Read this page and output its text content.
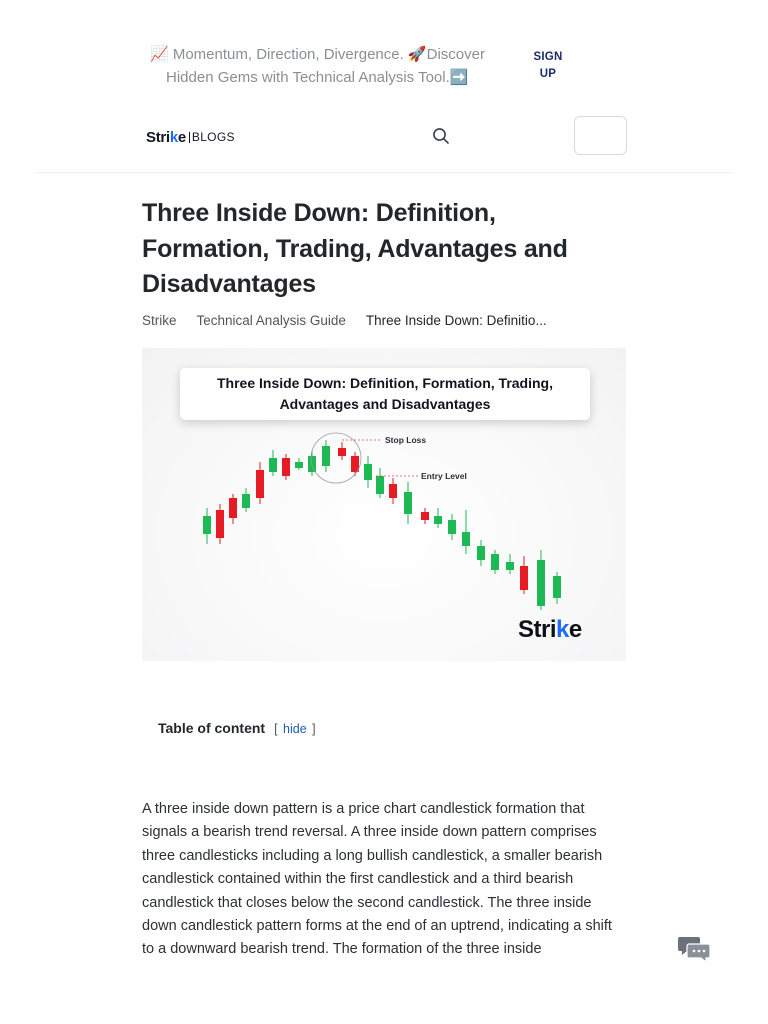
📈 Momentum, Direction, Divergence. 🚀Discover
Hidden Gems with Technical Analysis Tool.➡️
SIGN
UP
Strike BLOGS
Three Inside Down: Definition, Formation, Trading, Advantages and Disadvantages
Strike Technical Analysis Guide Three Inside Down: Definitio...
Stop Loss
Entry Level
Three Inside Down: Definition, Formation, Trading,
Advantages and Disadvantages
Strike
Table of content [ hide ]

A three inside down pattern is a price chart candlestick formation that signals a bearish trend reversal. A three inside down pattern comprises three candlesticks including a long bullish candlestick, a smaller bearish candlestick contained within the first candlestick and a third bearish candlestick that closes below the second candlestick. The three inside down candlestick pattern forms at the end of an uptrend, indicating a shift to a downward bearish trend. The formation of the three inside
